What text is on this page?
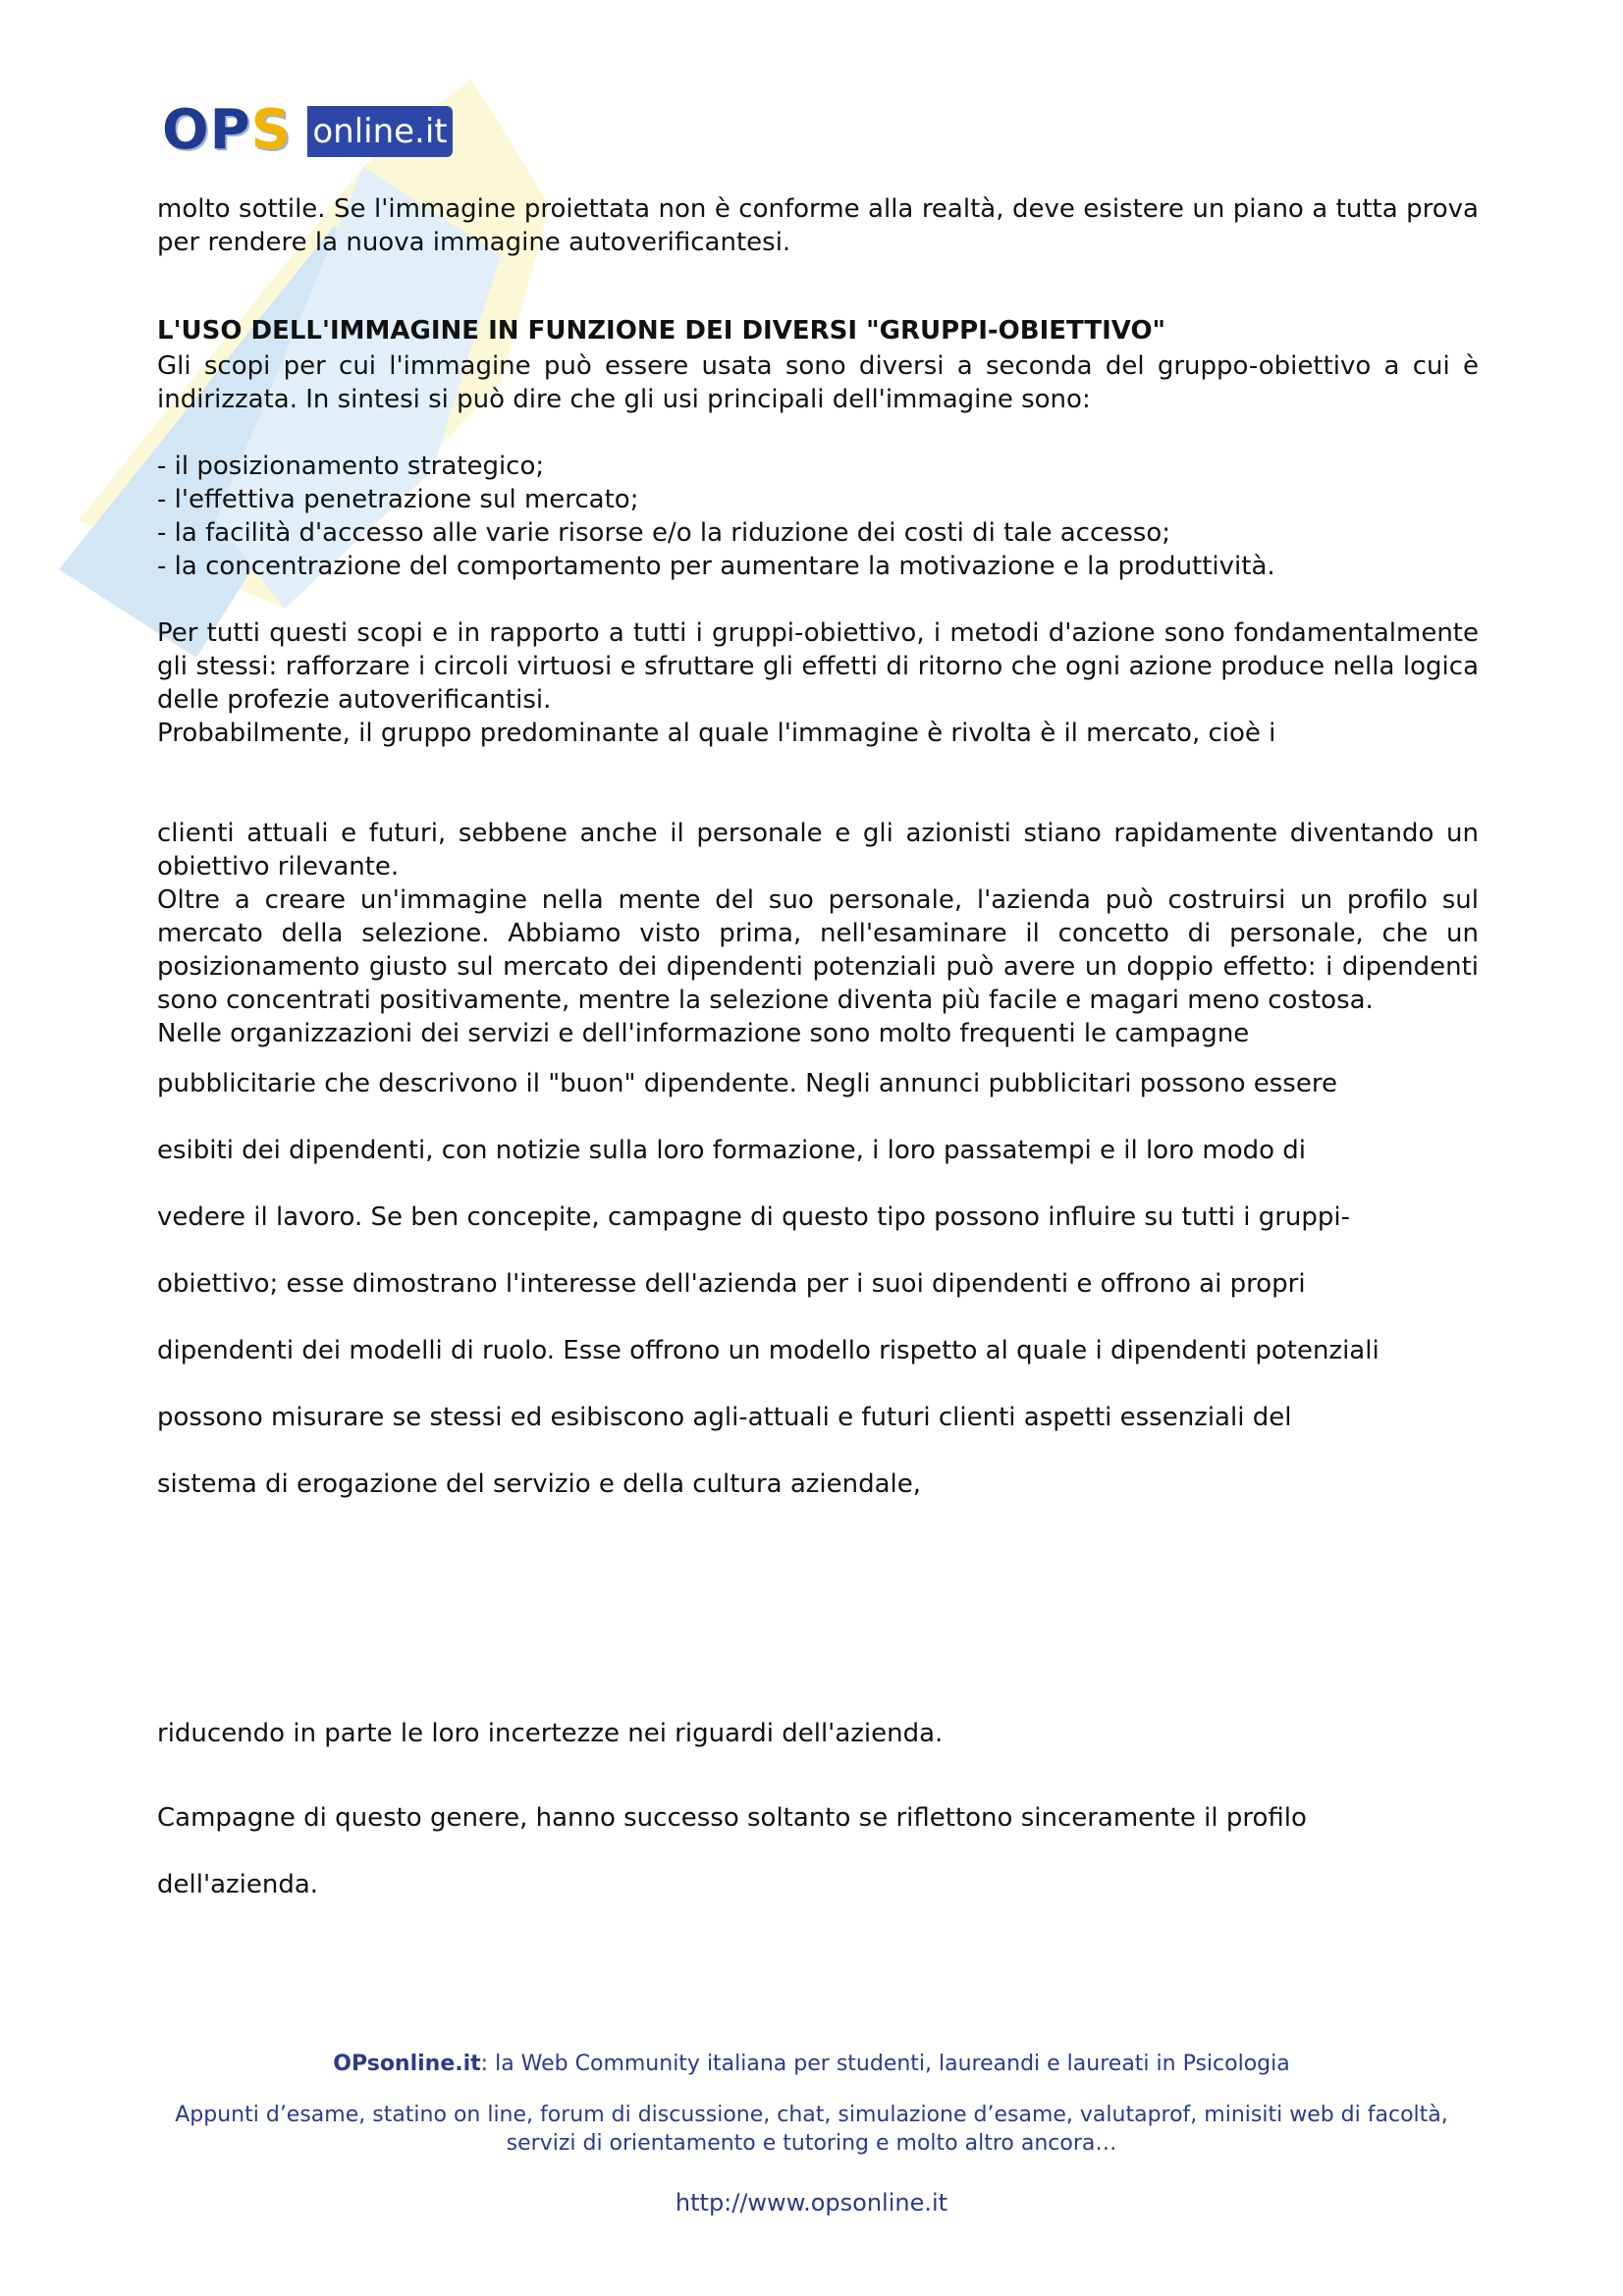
OPS online.it

molto sottile. Se l'immagine proiettata non è conforme alla realtà, deve esistere un piano a tutta prova per rendere la nuova immagine autoverificantesi.

L'USO DELL'IMMAGINE IN FUNZIONE DEI DIVERSI "GRUPPI-OBIETTIVO"

Gli scopi per cui l'immagine può essere usata sono diversi a seconda del gruppo-obiettivo a cui è indirizzata. In sintesi si può dire che gli usi principali dell'immagine sono:

- il posizionamento strategico;

- l'effettiva penetrazione sul mercato;

- la facilità d'accesso alle varie risorse e/o la riduzione dei costi di tale accesso;

- la concentrazione del comportamento per aumentare la motivazione e la produttività.

Per tutti questi scopi e in rapporto a tutti i gruppi-obiettivo, i metodi d'azione sono fondamentalmente gli stessi: rafforzare i circoli virtuosi e sfruttare gli effetti di ritorno che ogni azione produce nella logica delle profezie autoverificantisi.

Probabilmente, il gruppo predominante al quale l'immagine è rivolta è il mercato, cioè i

clienti attuali e futuri, sebbene anche il personale e gli azionisti stiano rapidamente diventando un obiettivo rilevante.

Oltre a creare un'immagine nella mente del suo personale, l'azienda può costruirsi un profilo sul mercato della selezione. Abbiamo visto prima, nell'esaminare il concetto di personale, che un posizionamento giusto sul mercato dei dipendenti potenziali può avere un doppio effetto: i dipendenti sono concentrati positivamente, mentre la selezione diventa più facile e magari meno costosa.

Nelle organizzazioni dei servizi e dell'informazione sono molto frequenti le campagne

pubblicitarie che descrivono il "buon" dipendente. Negli annunci pubblicitari possono essere

esibiti dei dipendenti, con notizie sulla loro formazione, i loro passatempi e il loro modo di

vedere il lavoro. Se ben concepite, campagne di questo tipo possono influire su tutti i gruppi-

obiettivo; esse dimostrano l'interesse dell'azienda per i suoi dipendenti e offrono ai propri

dipendenti dei modelli di ruolo. Esse offrono un modello rispetto al quale i dipendenti potenziali

possono misurare se stessi ed esibiscono agli-attuali e futuri clienti aspetti essenziali del

sistema di erogazione del servizio e della cultura aziendale,

riducendo in parte le loro incertezze nei riguardi dell'azienda.

Campagne di questo genere, hanno successo soltanto se riflettono sinceramente il profilo

dell'azienda.

OPsonline.it: la Web Community italiana per studenti, laureandi e laureati in Psicologia
Appunti d’esame, statino on line, forum di discussione, chat, simulazione d’esame, valutaprof, minisiti web di facoltà,
servizi di orientamento e tutoring e molto altro ancora…
http://www.opsonline.it
